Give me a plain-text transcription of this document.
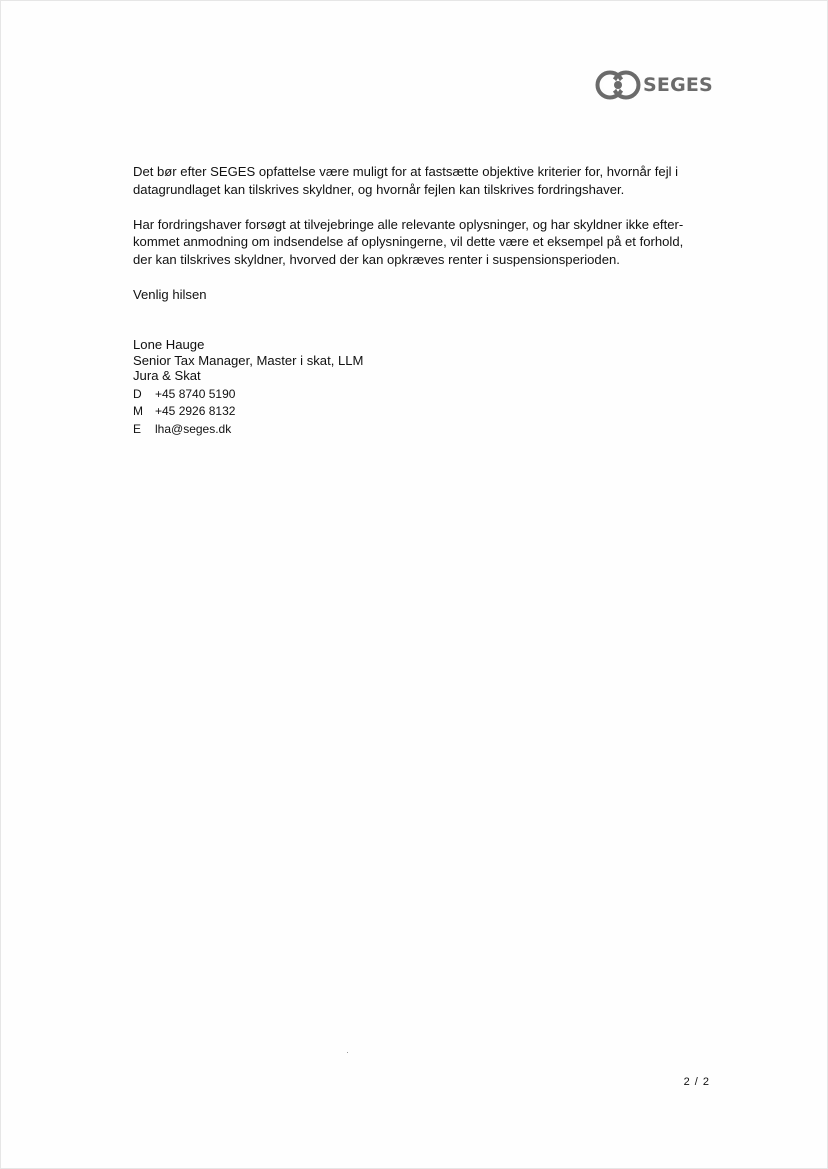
SEGES

Det bør efter SEGES opfattelse være muligt for at fastsætte objektive kriterier for, hvornår fejl i datagrundlaget kan tilskrives skyldner, og hvornår fejlen kan tilskrives fordringshaver.

Har fordringshaver forsøgt at tilvejebringe alle relevante oplysninger, og har skyldner ikke efter-kommet anmodning om indsendelse af oplysningerne, vil dette være et eksempel på et forhold, der kan tilskrives skyldner, hvorved der kan opkræves renter i suspensionsperioden.

Venlig hilsen

Lone Hauge
Senior Tax Manager, Master i skat, LLM
Jura & Skat
D	+45 8740 5190
M	+45 2926 8132
E	lha@seges.dk
2 / 2
